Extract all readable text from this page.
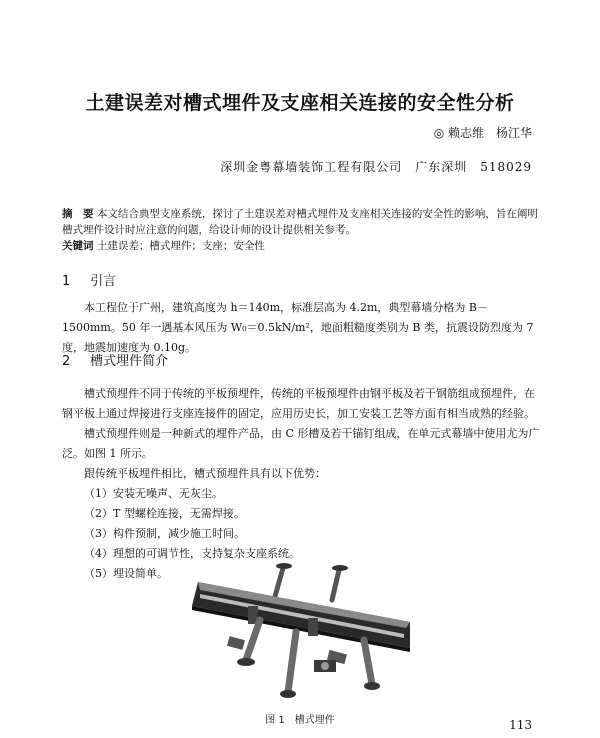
土建误差对槽式埋件及支座相关连接的安全性分析
◎ 赖志维　杨江华
深圳金粤幕墙装饰工程有限公司　广东深圳　518029
摘　要 本文结合典型支座系统，探讨了土建误差对槽式埋件及支座相关连接的安全性的影响，旨在阐明槽式埋件设计时应注意的问题，给设计师的设计提供相关参考。
关键词 土建误差；槽式埋件；支座；安全性
1 引言
本工程位于广州，建筑高度为 h＝140m，标准层高为 4.2m，典型幕墙分格为 B－1500mm。50 年一遇基本风压为 W₀＝0.5kN/m²，地面粗糙度类别为 B 类，抗震设防烈度为 7 度，地震加速度为 0.10g。
2 槽式埋件简介
槽式预埋件不同于传统的平板预埋件，传统的平板预埋件由钢平板及若干钢筋组成预埋件，在钢平板上通过焊接进行支座连接件的固定，应用历史长，加工安装工艺等方面有相当成熟的经验。
槽式预埋件则是一种新式的埋件产品，由 C 形槽及若干锚钉组成，在单元式幕墙中使用尤为广泛。如图 1 所示。
跟传统平板埋件相比，槽式预埋件具有以下优势：
（1）安装无噪声、无灰尘。
（2）T 型螺栓连接，无需焊接。
（3）构件预制，减少施工时间。
（4）理想的可调节性，支持复杂支座系统。
（5）埋设简单。
图 1　槽式埋件	113
